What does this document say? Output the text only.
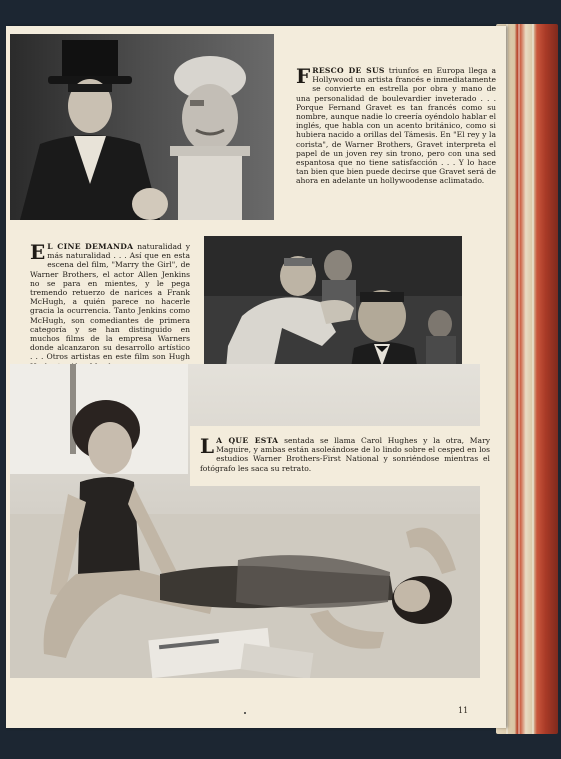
FRESCO DE SUS triunfos en Europa llega a Hollywood un artista francés e inmediatamente se convierte en estrella por obra y mano de una personalidad de boulevardier inveterado . . . Porque Fernand Gravet es tan francés como su nombre, aunque nadie lo creería oyéndolo hablar el inglés, que habla con un acento británico, como si hubiera nacido a orillas del Támesis. En "El rey y la corista", de Warner Brothers, Gravet interpreta el papel de un joven rey sin trono, pero con una sed espantosa que no tiene satisfacción . . . Y lo hace tan bien que bien puede decirse que Gravet será de ahora en adelante un hollywoodense aclimatado.
E L CINE DEMANDA naturalidad y más naturalidad . . . Así que en esta escena del film, "Marry the Girl", de Warner Brothers, el actor Allen Jenkins no se para en mientes, y le pega tremendo retuerzo de narices a Frank McHugh, a quién parece no hacerle gracia la ocurrencia. Tanto Jenkins como McHugh, son comediantes de primera categoría y se han distinguido en muchos films de la empresa Warners donde alcanzaron su desarrollo artístico . . . Otros artistas en este film son Hugh
L A QUE ESTA sentada se llama Carol Hughes y la otra, Mary Maguire, y ambas están asoleándose de lo lindo sobre el cesped en los estudios Warner Brothers-First National y sonriéndose mientras el fotógrafo les saca su retrato.
11
